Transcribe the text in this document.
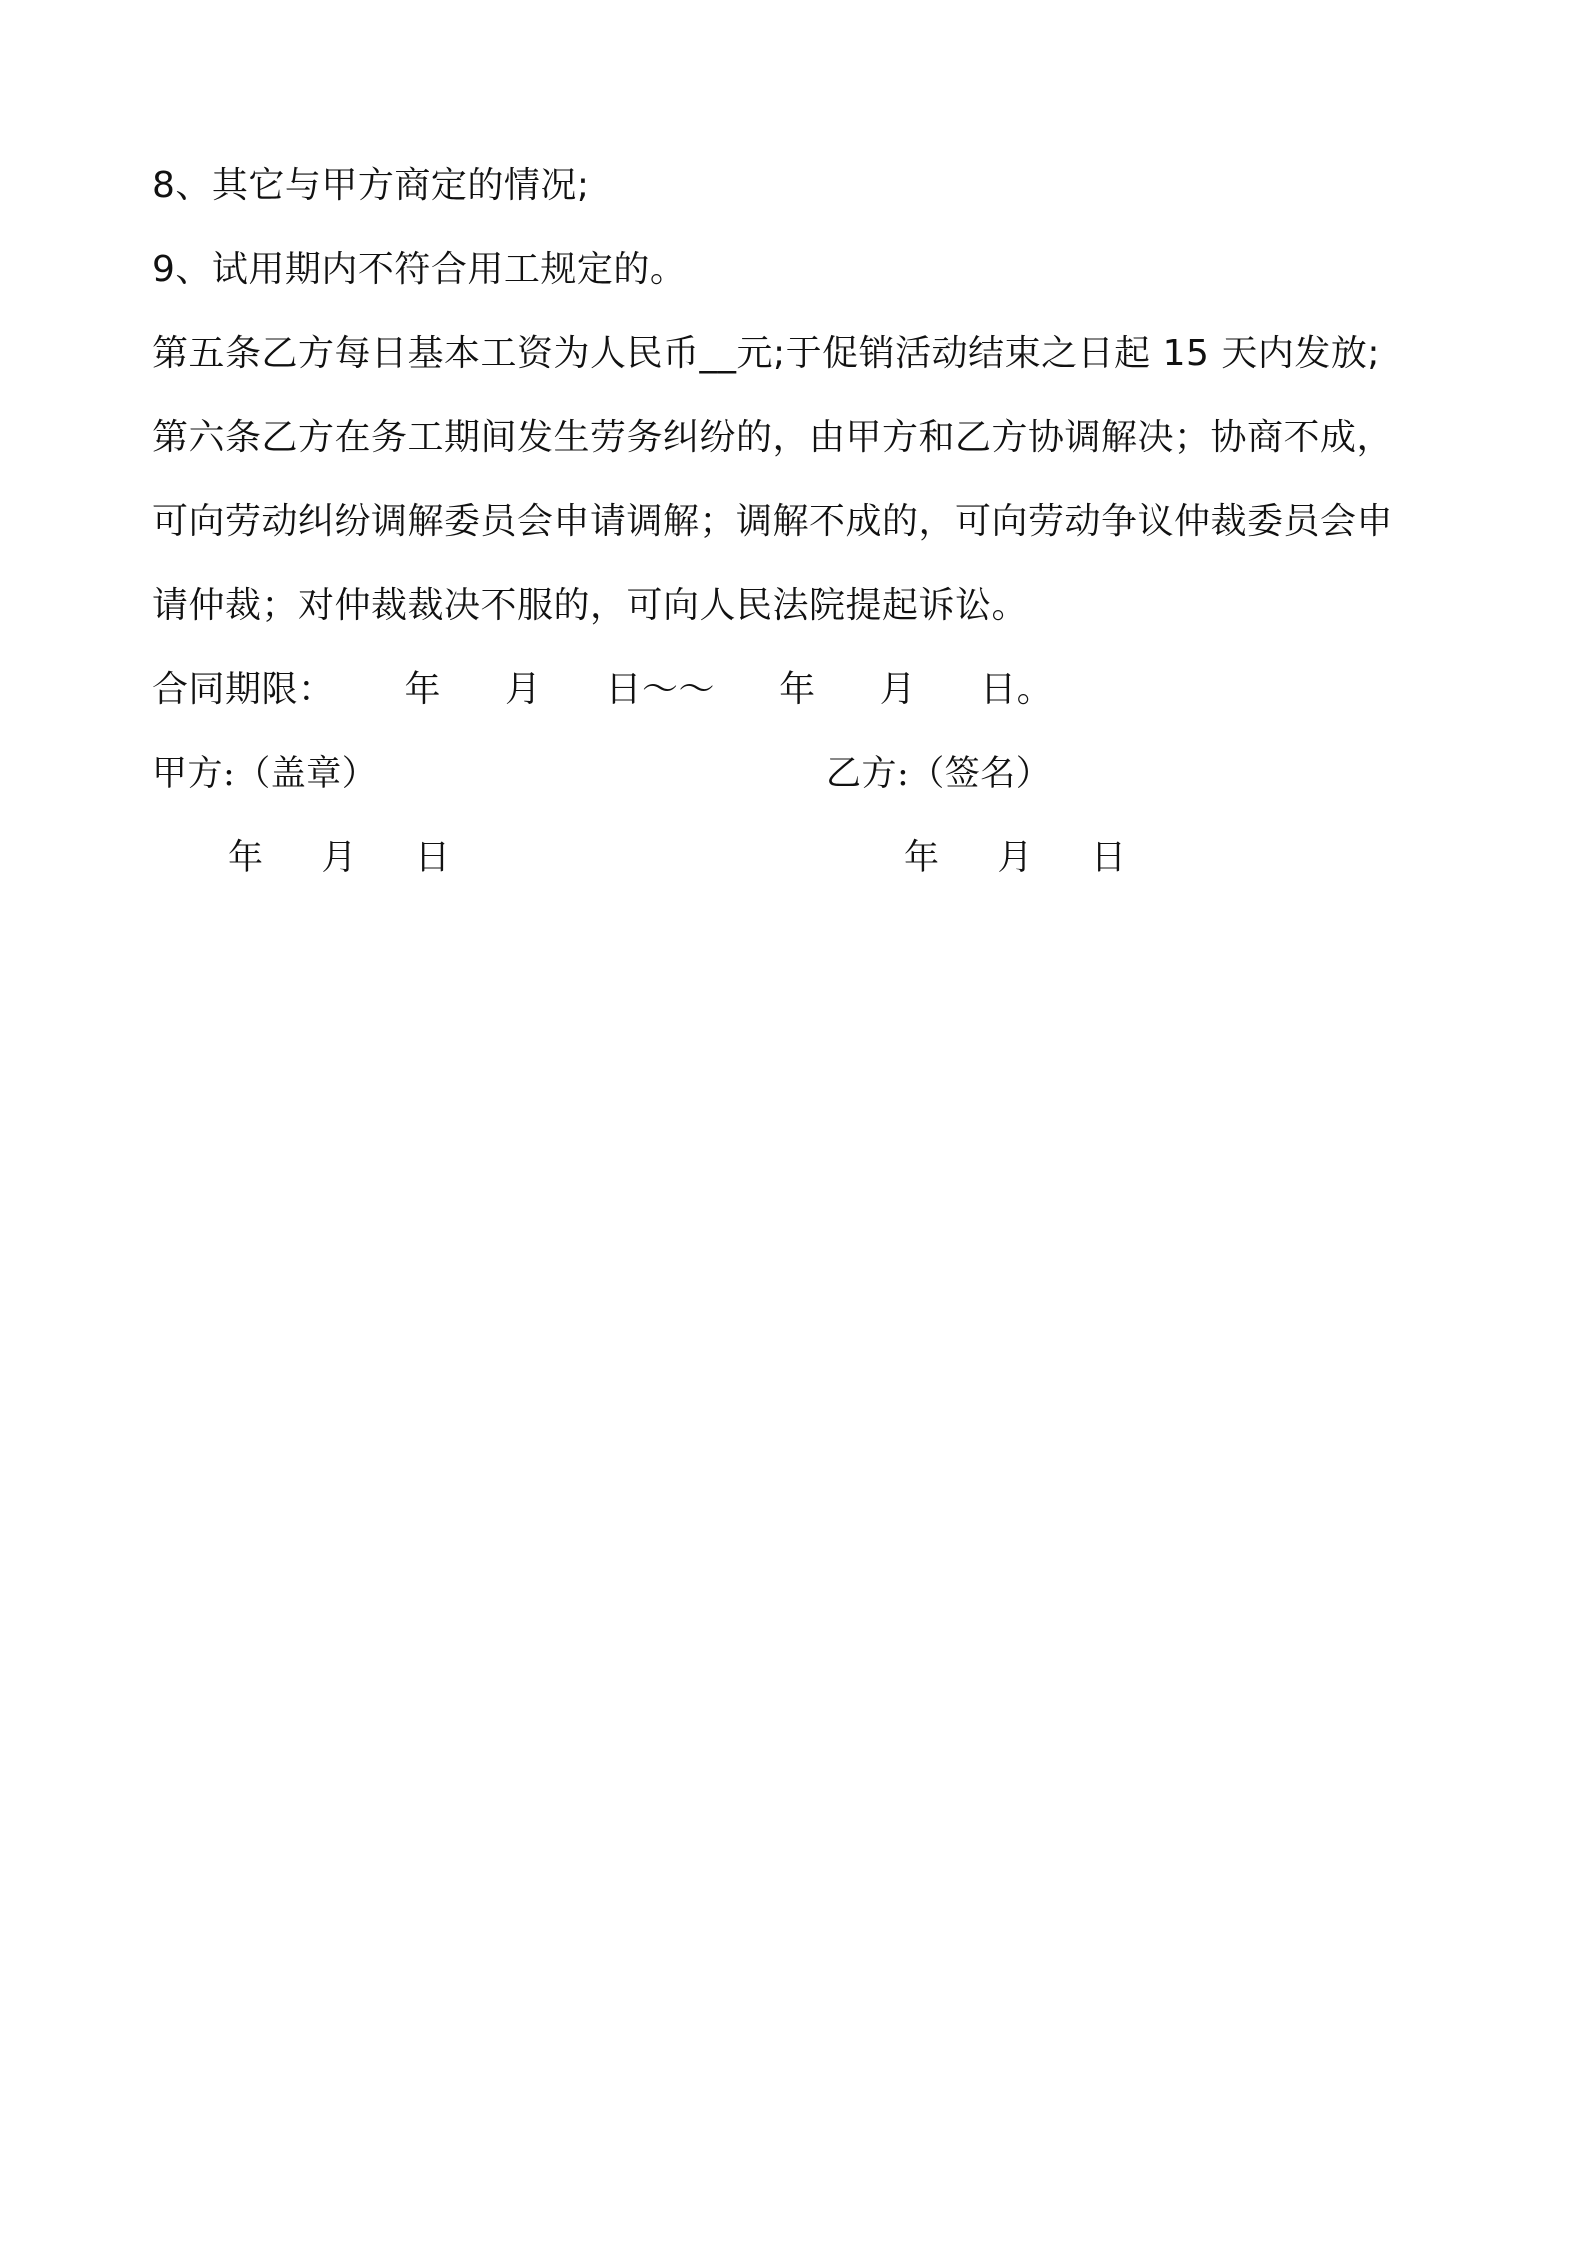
8、其它与甲方商定的情况;
9、试用期内不符合用工规定的。
第五条乙方每日基本工资为人民币__元;于促销活动结束之日起 15 天内发放;
第六条乙方在务工期间发生劳务纠纷的，由甲方和乙方协调解决；协商不成，
可向劳动纠纷调解委员会申请调解；调解不成的，可向劳动争议仲裁委员会申
请仲裁；对仲裁裁决不服的，可向人民法院提起诉讼。
合同期限： 年 月 日～～ 年 月 日。
甲方:（盖章）	乙方:（签名）
年 月 日	年 月 日
